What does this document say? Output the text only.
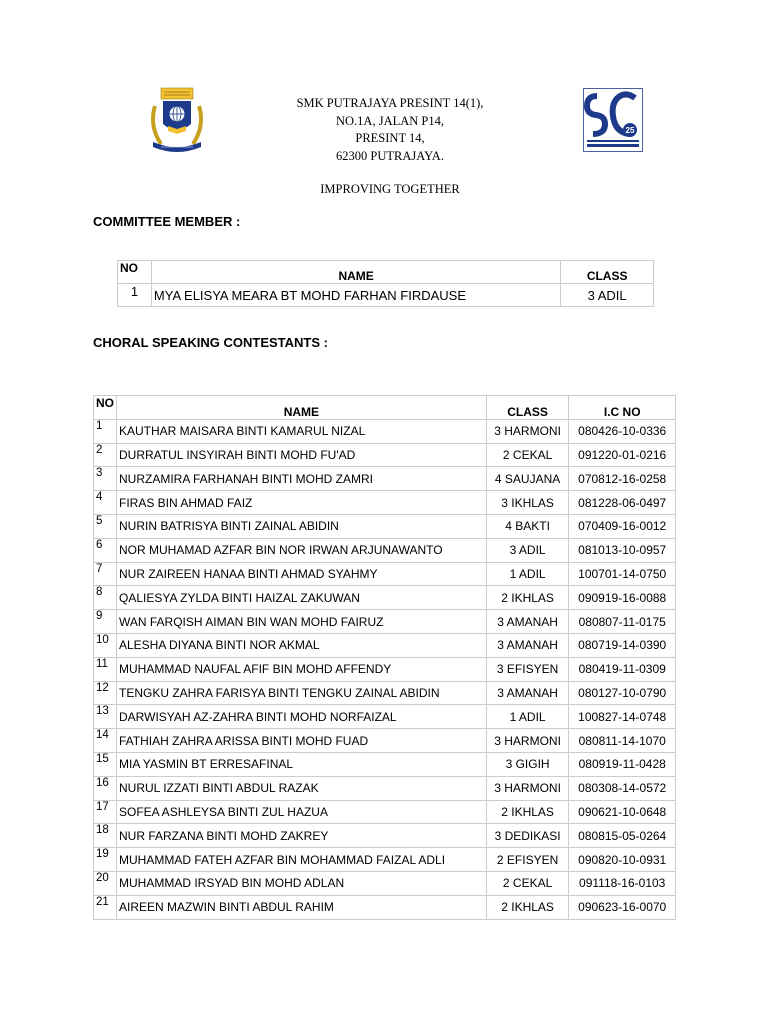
SMK PUTRAJAYA PRESINT 14(1),
NO.1A, JALAN P14,
PRESINT 14,
62300 PUTRAJAYA.
25
IMPROVING TOGETHER
COMMITTEE MEMBER :
NO	NAME	CLASS
1	MYA ELISYA MEARA BT MOHD FARHAN FIRDAUSE	3 ADIL
CHORAL SPEAKING CONTESTANTS :
NO	NAME	CLASS	I.C NO
1	KAUTHAR MAISARA BINTI KAMARUL NIZAL	3 HARMONI	080426-10-0336
2	DURRATUL INSYIRAH BINTI MOHD FU'AD	2 CEKAL	091220-01-0216
3	NURZAMIRA FARHANAH BINTI MOHD ZAMRI	4 SAUJANA	070812-16-0258
4	FIRAS BIN AHMAD FAIZ	3 IKHLAS	081228-06-0497
5	NURIN BATRISYA BINTI ZAINAL ABIDIN	4 BAKTI	070409-16-0012
6	NOR MUHAMAD AZFAR BIN NOR IRWAN ARJUNAWANTO	3 ADIL	081013-10-0957
7	NUR ZAIREEN HANAA BINTI AHMAD SYAHMY	1 ADIL	100701-14-0750
8	QALIESYA ZYLDA BINTI HAIZAL ZAKUWAN	2 IKHLAS	090919-16-0088
9	WAN FARQISH AIMAN BIN WAN MOHD FAIRUZ	3 AMANAH	080807-11-0175
10	ALESHA DIYANA BINTI NOR AKMAL	3 AMANAH	080719-14-0390
11	MUHAMMAD NAUFAL AFIF BIN MOHD AFFENDY	3 EFISYEN	080419-11-0309
12	TENGKU ZAHRA FARISYA BINTI TENGKU ZAINAL ABIDIN	3 AMANAH	080127-10-0790
13	DARWISYAH AZ-ZAHRA BINTI MOHD NORFAIZAL	1 ADIL	100827-14-0748
14	FATHIAH ZAHRA ARISSA BINTI MOHD FUAD	3 HARMONI	080811-14-1070
15	MIA YASMIN BT ERRESAFINAL	3 GIGIH	080919-11-0428
16	NURUL IZZATI BINTI ABDUL RAZAK	3 HARMONI	080308-14-0572
17	SOFEA ASHLEYSA BINTI ZUL HAZUA	2 IKHLAS	090621-10-0648
18	NUR FARZANA BINTI MOHD ZAKREY	3 DEDIKASI	080815-05-0264
19	MUHAMMAD FATEH AZFAR BIN MOHAMMAD FAIZAL ADLI	2 EFISYEN	090820-10-0931
20	MUHAMMAD IRSYAD BIN MOHD ADLAN	2 CEKAL	091118-16-0103
21	AIREEN MAZWIN BINTI ABDUL RAHIM	2 IKHLAS	090623-16-0070
